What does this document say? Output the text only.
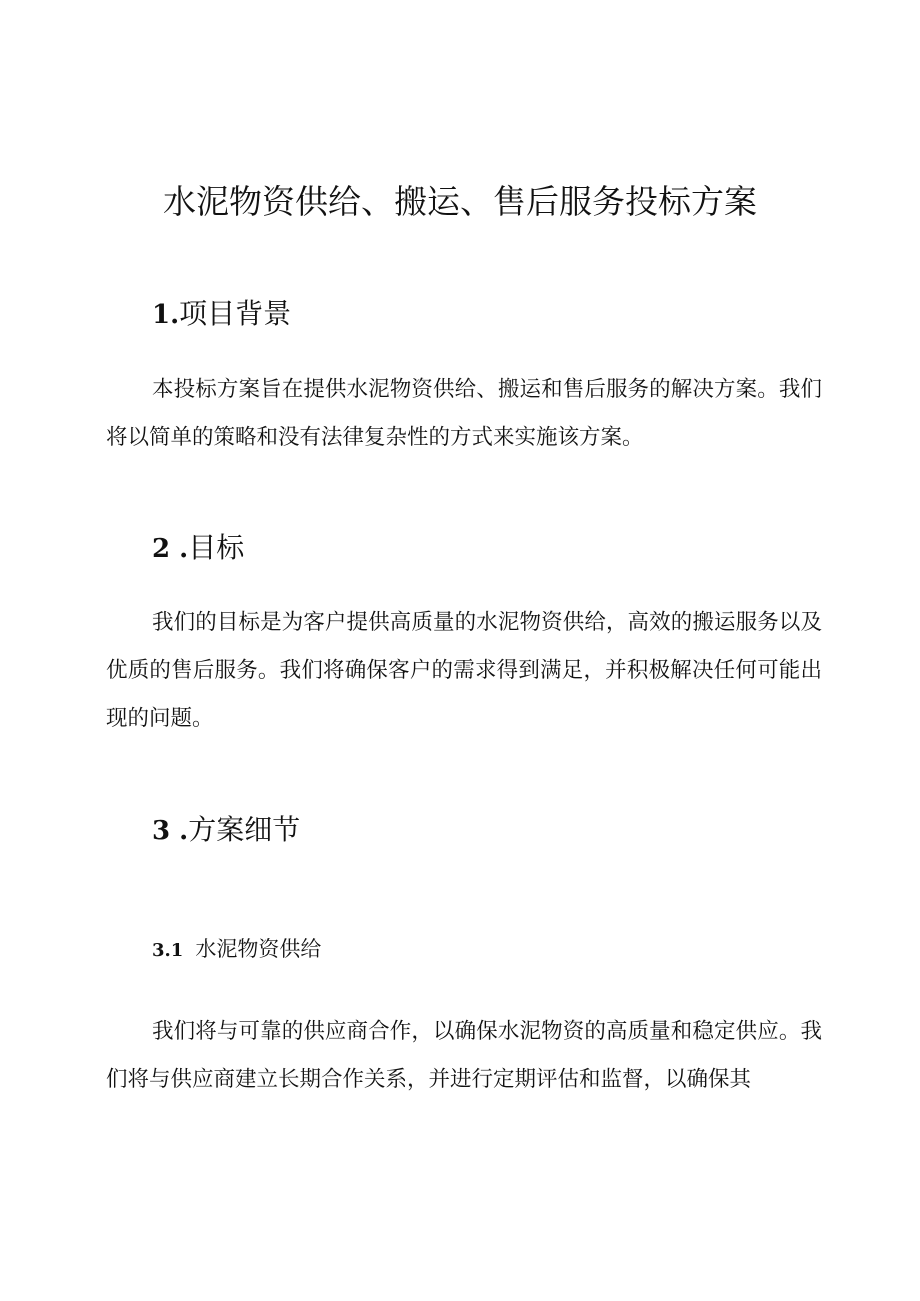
水泥物资供给、搬运、售后服务投标方案
1.项目背景

本投标方案旨在提供水泥物资供给、搬运和售后服务的解决方案。我们将以简单的策略和没有法律复杂性的方式来实施该方案。

2 .目标

我们的目标是为客户提供高质量的水泥物资供给，高效的搬运服务以及优质的售后服务。我们将确保客户的需求得到满足，并积极解决任何可能出现的问题。

3 .方案细节
3.1 水泥物资供给

我们将与可靠的供应商合作，以确保水泥物资的高质量和稳定供应。我们将与供应商建立长期合作关系，并进行定期评估和监督，以确保其
